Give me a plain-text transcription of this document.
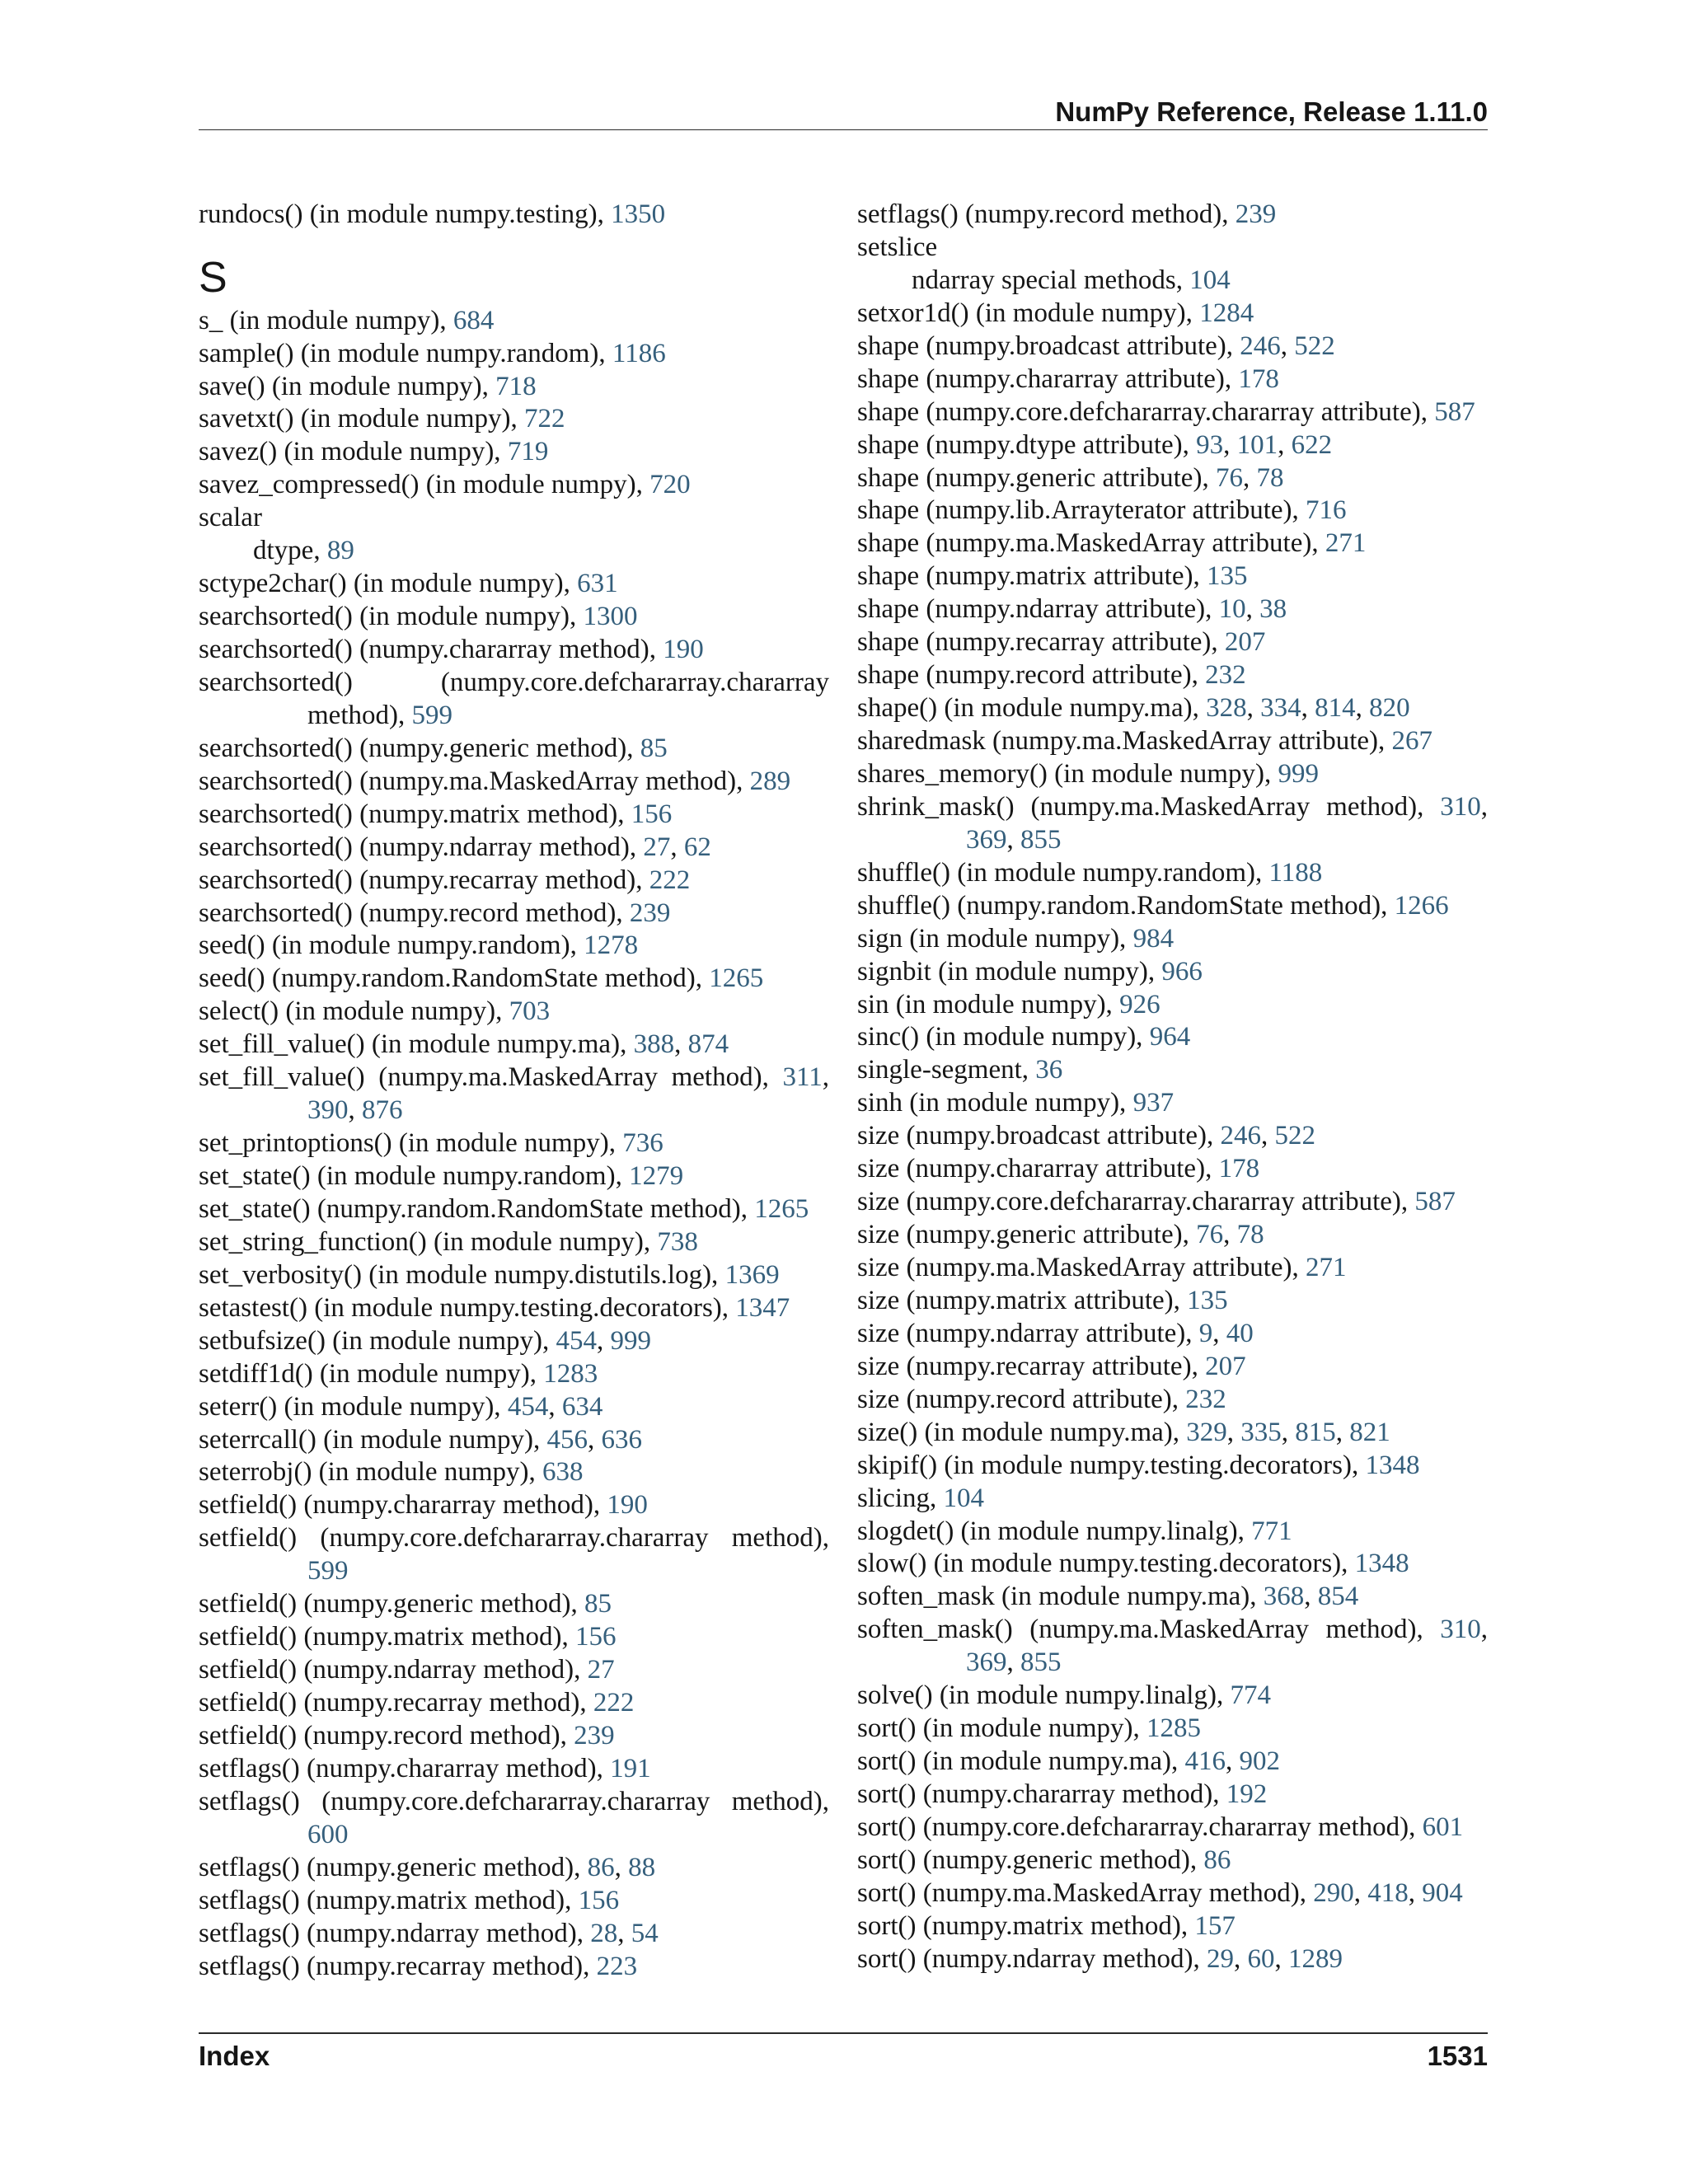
NumPy Reference, Release 1.11.0
rundocs() (in module numpy.testing), 1350
S
s_ (in module numpy), 684
sample() (in module numpy.random), 1186
save() (in module numpy), 718
savetxt() (in module numpy), 722
savez() (in module numpy), 719
savez_compressed() (in module numpy), 720
scalar
dtype, 89
sctype2char() (in module numpy), 631
searchsorted() (in module numpy), 1300
searchsorted() (numpy.chararray method), 190
searchsorted() (numpy.core.defchararray.chararray
method), 599
searchsorted() (numpy.generic method), 85
searchsorted() (numpy.ma.MaskedArray method), 289
searchsorted() (numpy.matrix method), 156
searchsorted() (numpy.ndarray method), 27, 62
searchsorted() (numpy.recarray method), 222
searchsorted() (numpy.record method), 239
seed() (in module numpy.random), 1278
seed() (numpy.random.RandomState method), 1265
select() (in module numpy), 703
set_fill_value() (in module numpy.ma), 388, 874
set_fill_value() (numpy.ma.MaskedArray method), 311,
390, 876
set_printoptions() (in module numpy), 736
set_state() (in module numpy.random), 1279
set_state() (numpy.random.RandomState method), 1265
set_string_function() (in module numpy), 738
set_verbosity() (in module numpy.distutils.log), 1369
setastest() (in module numpy.testing.decorators), 1347
setbufsize() (in module numpy), 454, 999
setdiff1d() (in module numpy), 1283
seterr() (in module numpy), 454, 634
seterrcall() (in module numpy), 456, 636
seterrobj() (in module numpy), 638
setfield() (numpy.chararray method), 190
setfield() (numpy.core.defchararray.chararray method),
599
setfield() (numpy.generic method), 85
setfield() (numpy.matrix method), 156
setfield() (numpy.ndarray method), 27
setfield() (numpy.recarray method), 222
setfield() (numpy.record method), 239
setflags() (numpy.chararray method), 191
setflags() (numpy.core.defchararray.chararray method),
600
setflags() (numpy.generic method), 86, 88
setflags() (numpy.matrix method), 156
setflags() (numpy.ndarray method), 28, 54
setflags() (numpy.recarray method), 223
setflags() (numpy.record method), 239
setslice
ndarray special methods, 104
setxor1d() (in module numpy), 1284
shape (numpy.broadcast attribute), 246, 522
shape (numpy.chararray attribute), 178
shape (numpy.core.defchararray.chararray attribute), 587
shape (numpy.dtype attribute), 93, 101, 622
shape (numpy.generic attribute), 76, 78
shape (numpy.lib.Arrayterator attribute), 716
shape (numpy.ma.MaskedArray attribute), 271
shape (numpy.matrix attribute), 135
shape (numpy.ndarray attribute), 10, 38
shape (numpy.recarray attribute), 207
shape (numpy.record attribute), 232
shape() (in module numpy.ma), 328, 334, 814, 820
sharedmask (numpy.ma.MaskedArray attribute), 267
shares_memory() (in module numpy), 999
shrink_mask() (numpy.ma.MaskedArray method), 310,
369, 855
shuffle() (in module numpy.random), 1188
shuffle() (numpy.random.RandomState method), 1266
sign (in module numpy), 984
signbit (in module numpy), 966
sin (in module numpy), 926
sinc() (in module numpy), 964
single-segment, 36
sinh (in module numpy), 937
size (numpy.broadcast attribute), 246, 522
size (numpy.chararray attribute), 178
size (numpy.core.defchararray.chararray attribute), 587
size (numpy.generic attribute), 76, 78
size (numpy.ma.MaskedArray attribute), 271
size (numpy.matrix attribute), 135
size (numpy.ndarray attribute), 9, 40
size (numpy.recarray attribute), 207
size (numpy.record attribute), 232
size() (in module numpy.ma), 329, 335, 815, 821
skipif() (in module numpy.testing.decorators), 1348
slicing, 104
slogdet() (in module numpy.linalg), 771
slow() (in module numpy.testing.decorators), 1348
soften_mask (in module numpy.ma), 368, 854
soften_mask() (numpy.ma.MaskedArray method), 310,
369, 855
solve() (in module numpy.linalg), 774
sort() (in module numpy), 1285
sort() (in module numpy.ma), 416, 902
sort() (numpy.chararray method), 192
sort() (numpy.core.defchararray.chararray method), 601
sort() (numpy.generic method), 86
sort() (numpy.ma.MaskedArray method), 290, 418, 904
sort() (numpy.matrix method), 157
sort() (numpy.ndarray method), 29, 60, 1289
Index	1531
